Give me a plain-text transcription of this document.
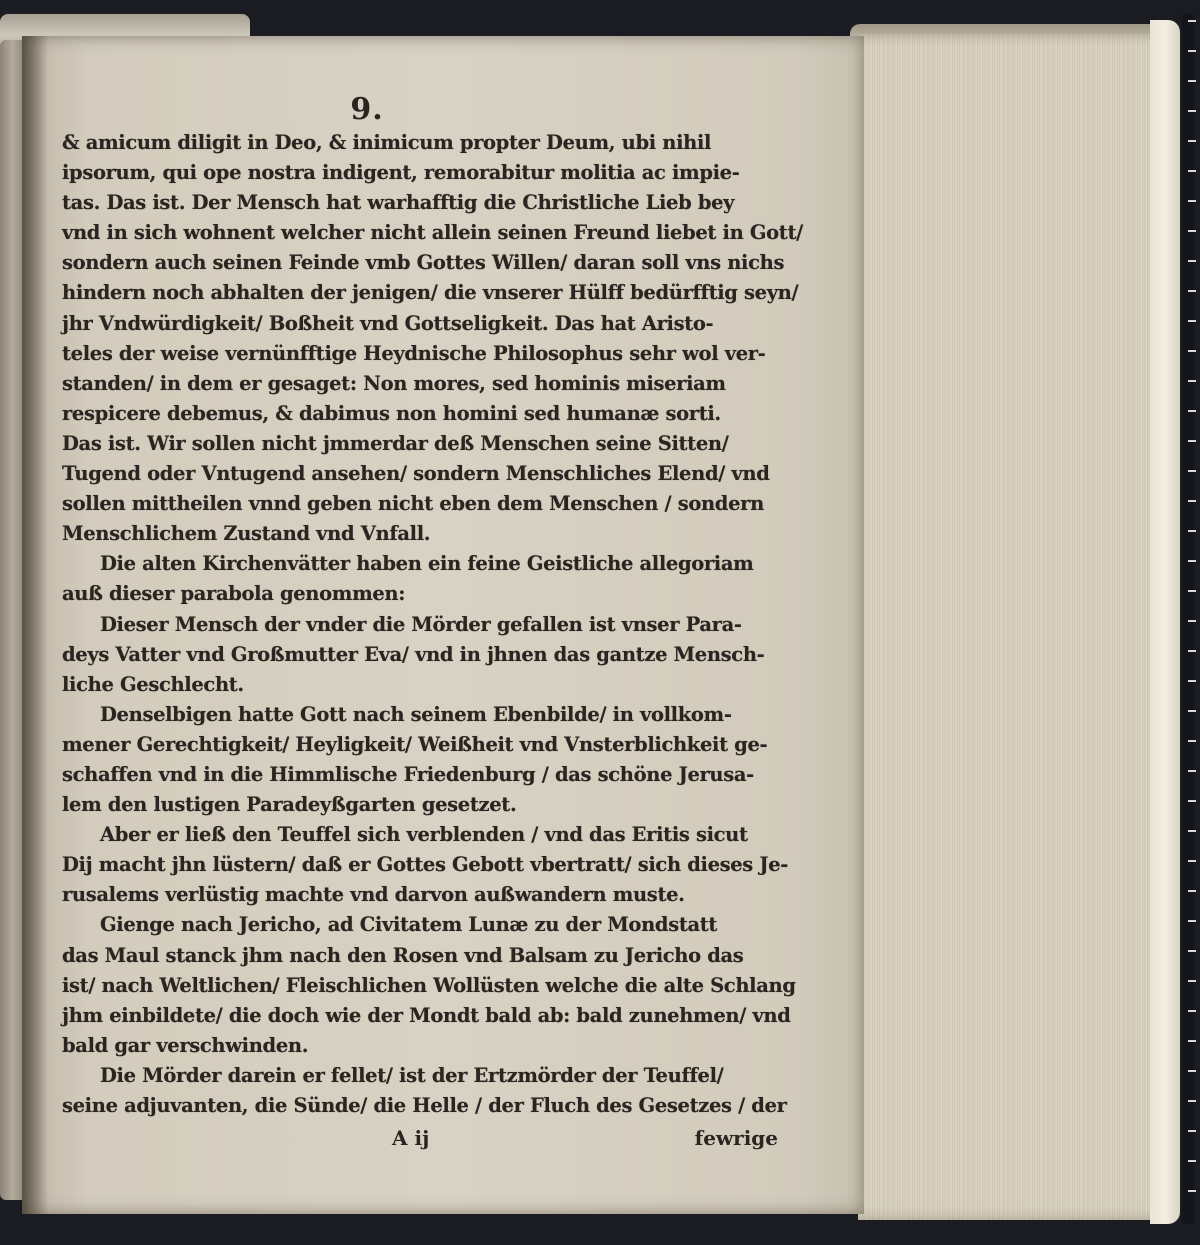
9.
& amicum diligit in Deo, & inimicum propter Deum, ubi nihil
ipsorum, qui ope nostra indigent, remorabitur molitia ac impie-
tas. Das ist. Der Mensch hat warhafftig die Christliche Lieb bey
vnd in sich wohnent welcher nicht allein seinen Freund liebet in Gott/
sondern auch seinen Feinde vmb Gottes Willen/ daran soll vns nichs
hindern noch abhalten der jenigen/ die vnserer Hülff bedürfftig seyn/
jhr Vndwürdigkeit/ Boßheit vnd Gottseligkeit. Das hat Aristo-
teles der weise vernünfftige Heydnische Philosophus sehr wol ver-
standen/ in dem er gesaget: Non mores, sed hominis miseriam
respicere debemus, & dabimus non homini sed humanæ sorti.
Das ist. Wir sollen nicht jmmerdar deß Menschen seine Sitten/
Tugend oder Vntugend ansehen/ sondern Menschliches Elend/ vnd
sollen mittheilen vnnd geben nicht eben dem Menschen / sondern
Menschlichem Zustand vnd Vnfall.
Die alten Kirchenvätter haben ein feine Geistliche allegoriam
auß dieser parabola genommen:
Dieser Mensch der vnder die Mörder gefallen ist vnser Para-
deys Vatter vnd Großmutter Eva/ vnd in jhnen das gantze Mensch-
liche Geschlecht.
Denselbigen hatte Gott nach seinem Ebenbilde/ in vollkom-
mener Gerechtigkeit/ Heyligkeit/ Weißheit vnd Vnsterblichkeit ge-
schaffen vnd in die Himmlische Friedenburg / das schöne Jerusa-
lem den lustigen Paradeyßgarten gesetzet.
Aber er ließ den Teuffel sich verblenden / vnd das Eritis sicut
Dij macht jhn lüstern/ daß er Gottes Gebott vbertratt/ sich dieses Je-
rusalems verlüstig machte vnd darvon außwandern muste.
Gienge nach Jericho, ad Civitatem Lunæ zu der Mondstatt
das Maul stanck jhm nach den Rosen vnd Balsam zu Jericho das
ist/ nach Weltlichen/ Fleischlichen Wollüsten welche die alte Schlang
jhm einbildete/ die doch wie der Mondt bald ab: bald zunehmen/ vnd
bald gar verschwinden.
Die Mörder darein er fellet/ ist der Ertzmörder der Teuffel/
seine adjuvanten, die Sünde/ die Helle / der Fluch des Gesetzes / der
A ij	fewrige
